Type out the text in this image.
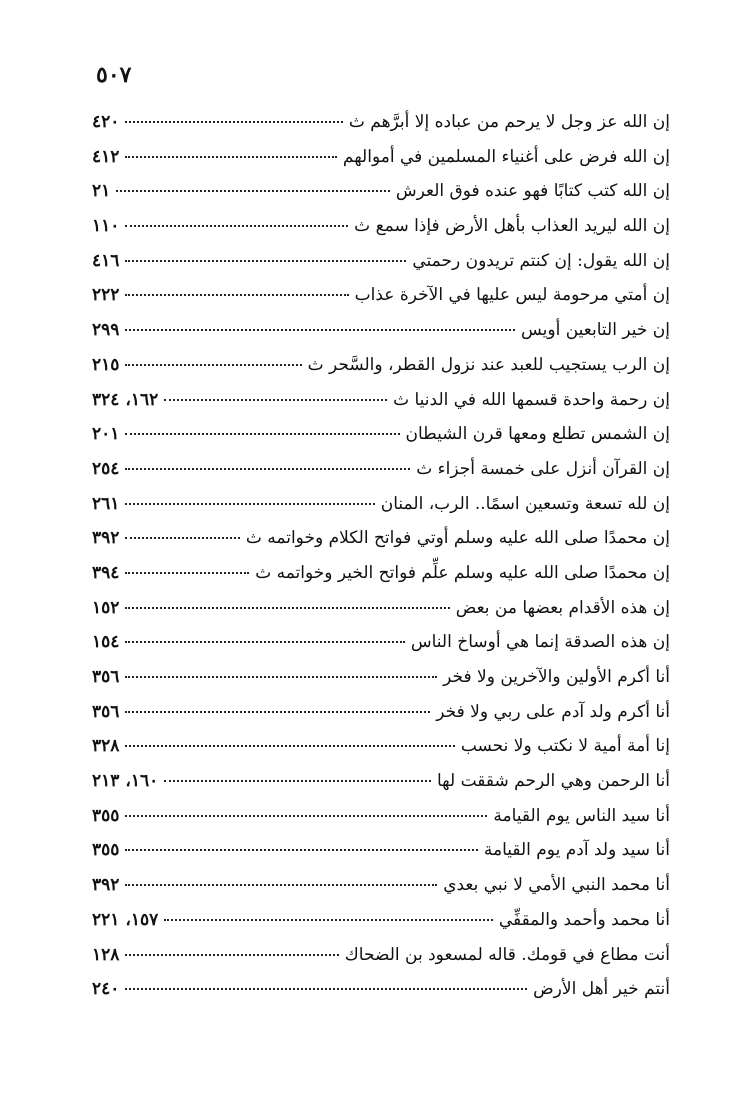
٥٠٧
إن الله عز وجل لا يرحم من عباده إلا أبرَّهم ث
٤٢٠
إن الله فرض على أغنياء المسلمين في أموالهم
٤١٢
إن الله كتب كتابًا فهو عنده فوق العرش
٢١
إن الله ليريد العذاب بأهل الأرض فإذا سمع ث
١١٠
إن الله يقول: إن كنتم تريدون رحمتي
٤١٦
إن أمتي مرحومة ليس عليها في الآخرة عذاب
٢٢٢
إن خير التابعين أويس
٢٩٩
إن الرب يستجيب للعبد عند نزول القطر، والسَّحر ث
٢١٥
إن رحمة واحدة قسمها الله في الدنيا ث
١٦٢، ٣٢٤
إن الشمس تطلع ومعها قرن الشيطان
٢٠١
إن القرآن أنزل على خمسة أجزاء ث
٢٥٤
إن لله تسعة وتسعين اسمًا.. الرب، المنان
٢٦١
إن محمدًا صلى الله عليه وسلم أوتي فواتح الكلام وخواتمه ث
٣٩٢
إن محمدًا صلى الله عليه وسلم علِّم فواتح الخير وخواتمه ث
٣٩٤
إن هذه الأقدام بعضها من بعض
١٥٢
إن هذه الصدقة إنما هي أوساخ الناس
١٥٤
أنا أكرم الأولين والآخرين ولا فخر
٣٥٦
أنا أكرم ولد آدم على ربي ولا فخر
٣٥٦
إنا أمة أمية لا نكتب ولا نحسب
٣٢٨
أنا الرحمن وهي الرحم شققت لها
١٦٠، ٢١٣
أنا سيد الناس يوم القيامة
٣٥٥
أنا سيد ولد آدم يوم القيامة
٣٥٥
أنا محمد النبي الأمي لا نبي بعدي
٣٩٢
أنا محمد وأحمد والمقفِّي
١٥٧، ٢٢١
أنت مطاع في قومك. قاله لمسعود بن الضحاك
١٢٨
أنتم خير أهل الأرض
٢٤٠
